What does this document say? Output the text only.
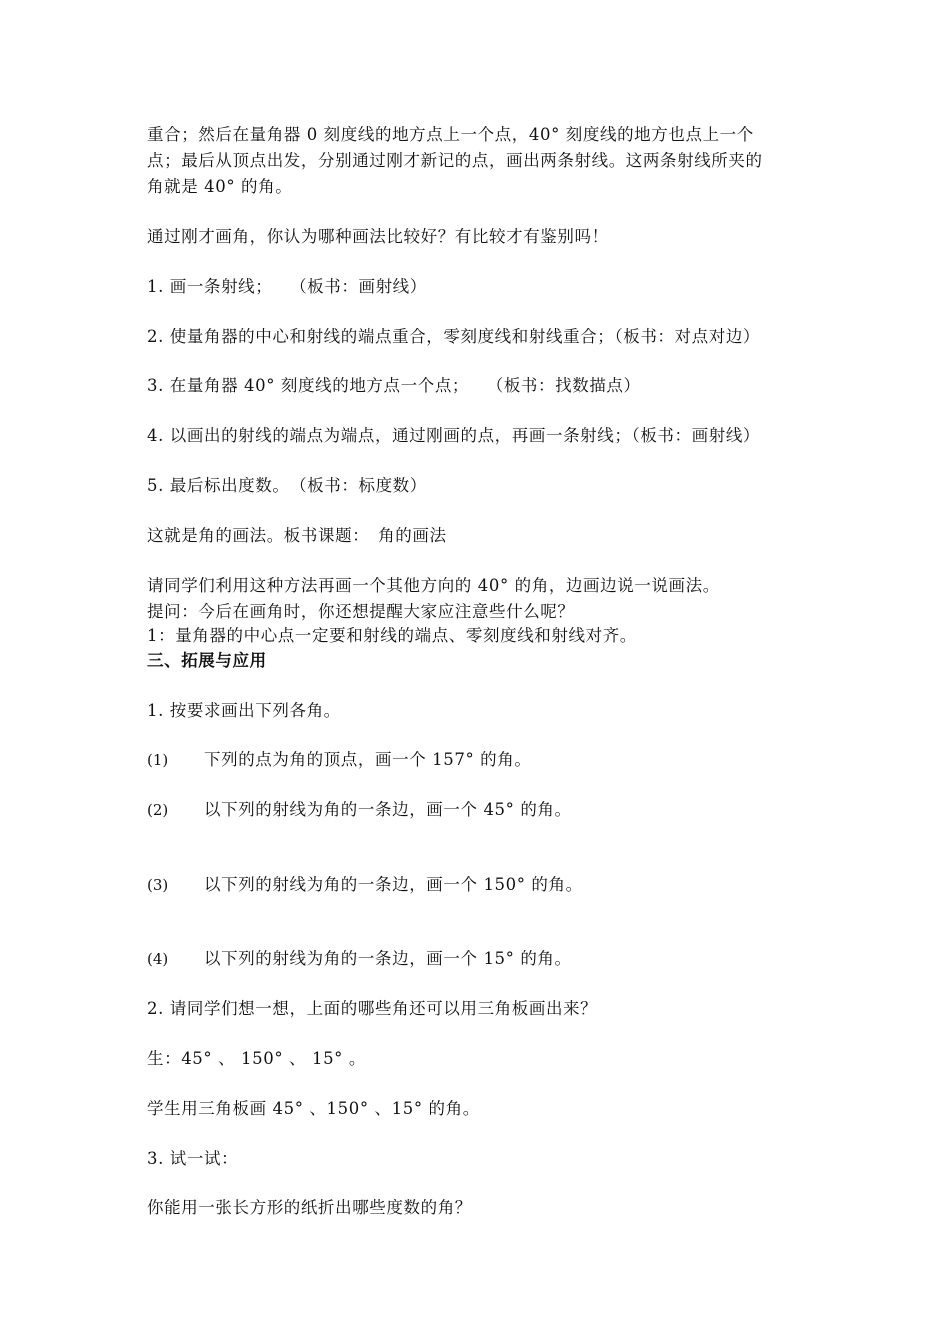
重合；然后在量角器 0 刻度线的地方点上一个点，40° 刻度线的地方也点上一个
点；最后从顶点出发，分别通过刚才新记的点，画出两条射线。这两条射线所夹的
角就是 40° 的角。
通过刚才画角，你认为哪种画法比较好？有比较才有鉴别吗！
1. 画一条射线；　　（板书：画射线）
2. 使量角器的中心和射线的端点重合，零刻度线和射线重合；（板书：对点对边）
3. 在量角器 40° 刻度线的地方点一个点；　　（板书：找数描点）
4. 以画出的射线的端点为端点，通过刚画的点，再画一条射线；（板书：画射线）
5. 最后标出度数。　（板书：标度数）
这就是角的画法。板书课题：　角的画法
请同学们利用这种方法再画一个其他方向的 40° 的角，边画边说一说画法。
提问：今后在画角时，你还想提醒大家应注意些什么呢？
1：量角器的中心点一定要和射线的端点、零刻度线和射线对齐。
三、拓展与应用
1. 按要求画出下列各角。
(1) 下列的点为角的顶点，画一个 157° 的角。
(2) 以下列的射线为角的一条边，画一个 45° 的角。
(3) 以下列的射线为角的一条边，画一个 150° 的角。
(4) 以下列的射线为角的一条边，画一个 15° 的角。
2. 请同学们想一想，上面的哪些角还可以用三角板画出来？
生：45° 、 150° 、 15° 。
学生用三角板画 45° 、150° 、15° 的角。
3. 试一试：
你能用一张长方形的纸折出哪些度数的角？
